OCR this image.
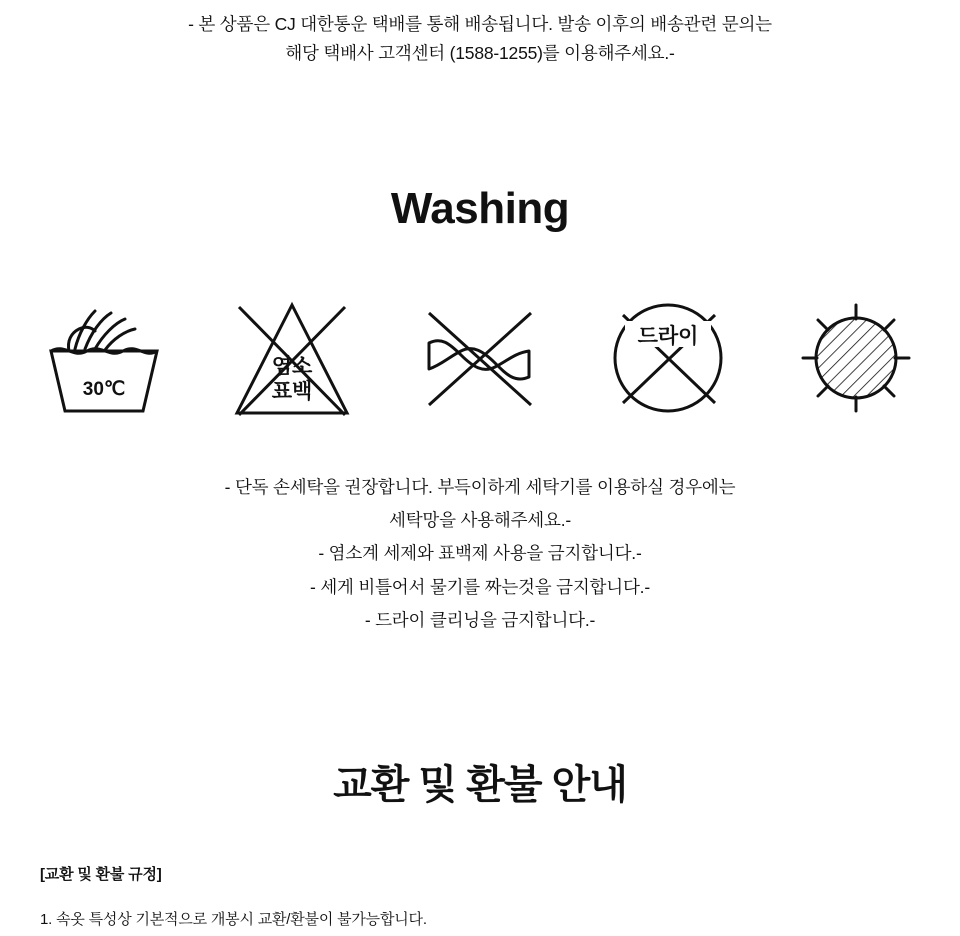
- 본 상품은 CJ 대한통운 택배를 통해 배송됩니다. 발송 이후의 배송관련 문의는
해당 택배사 고객센터 (1588-1255)를 이용해주세요.-
Washing
30℃
염소
표백
드라이
- 단독 손세탁을 권장합니다. 부득이하게 세탁기를 이용하실 경우에는
세탁망을 사용해주세요.-
- 염소계 세제와 표백제 사용을 금지합니다.-
- 세게 비틀어서 물기를 짜는것을 금지합니다.-
- 드라이 클리닝을 금지합니다.-
교환 및 환불 안내
[교환 및 환불 규정]
1. 속옷 특성상 기본적으로 개봉시 교환/환불이 불가능합니다.
